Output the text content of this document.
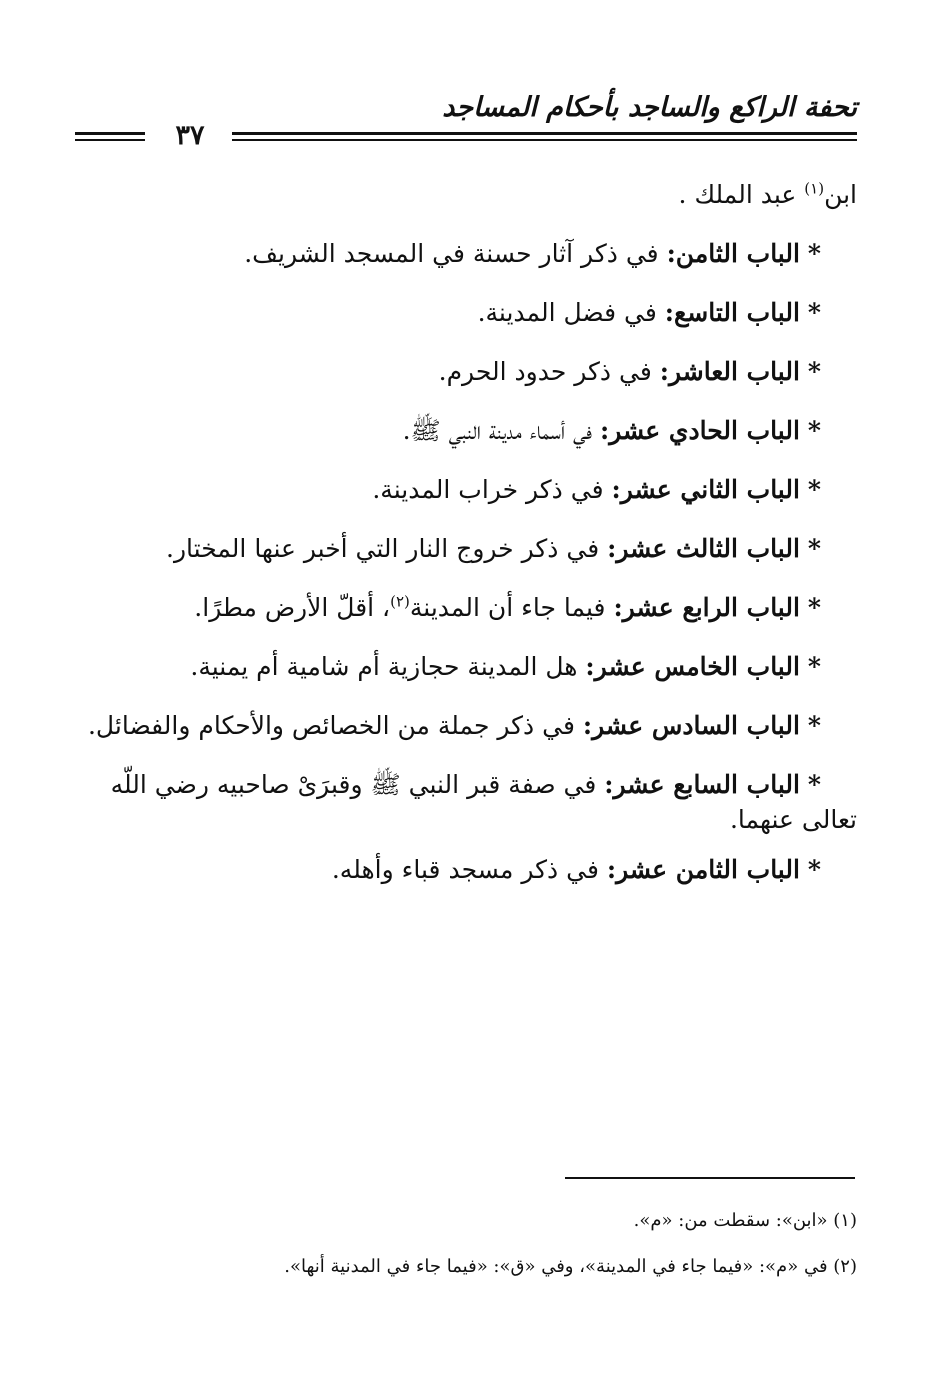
تحفة الراكع والساجد بأحكام المساجد
٣٧
ابن$^{(١)}$ عبد الملك .
*الباب الثامن: في ذكر آثار حسنة في المسجد الشريف.
*الباب التاسع: في فضل المدينة.
*الباب العاشر: في ذكر حدود الحرم.
*الباب الحادي عشر: في أسماء مدينة النبي ﷺ.
*الباب الثاني عشر: في ذكر خراب المدينة.
*الباب الثالث عشر: في ذكر خروج النار التي أخبر عنها المختار.
*الباب الرابع عشر: فيما جاء أن المدينة$^{(٢)}$، أقلّ الأرض مطرًا.
*الباب الخامس عشر: هل المدينة حجازية أم شامية أم يمنية.
*الباب السادس عشر: في ذكر جملة من الخصائص والأحكام والفضائل.
*الباب السابع عشر: في صفة قبر النبي ﷺ وقبرَىْ صاحبيه رضي اللّه
تعالى عنهما.
*الباب الثامن عشر: في ذكر مسجد قباء وأهله.
(١) «ابن»: سقطت من: «م».
(٢) في «م»: «فيما جاء في المدينة»، وفي «ق»: «فيما جاء في المدنية أنها».
